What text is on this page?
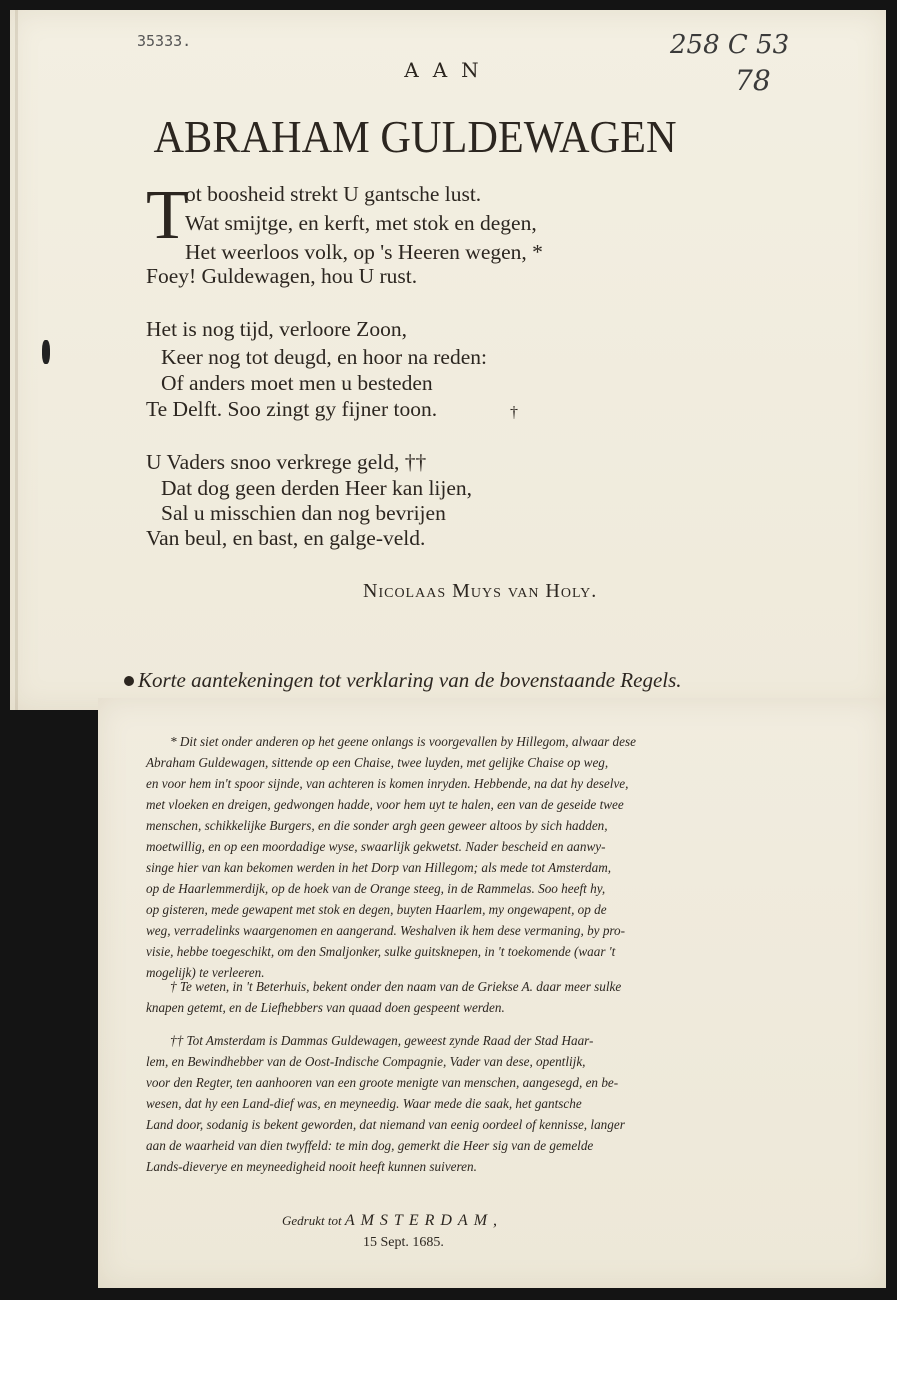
35333.	258 C 53
78
AAN
ABRAHAM GULDEWAGEN
T
ot boosheid strekt U gantsche lust.
Wat smijtge, en kerft, met stok en degen,
Het weerloos volk, op 's Heeren wegen, *
Foey! Guldewagen, hou U rust.
Het is nog tijd, verloore Zoon,
Keer nog tot deugd, en hoor na reden:
Of anders moet men u besteden
Te Delft. Soo zingt gy fijner toon.	†
U Vaders snoo verkrege geld, ††
Dat dog geen derden Heer kan lijen,
Sal u misschien dan nog bevrijen
Van beul, en bast, en galge-veld.
Nicolaas Muys van Holy.
Korte aantekeningen tot verklaring van de bovenstaande Regels.
* Dit siet onder anderen op het geene onlangs is voorgevallen by Hillegom, alwaar dese
Abraham Guldewagen, sittende op een Chaise, twee luyden, met gelijke Chaise op weg,
en voor hem in't spoor sijnde, van achteren is komen inryden. Hebbende, na dat hy deselve,
met vloeken en dreigen, gedwongen hadde, voor hem uyt te halen, een van de geseide twee
menschen, schikkelijke Burgers, en die sonder argh geen geweer altoos by sich hadden,
moetwillig, en op een moordadige wyse, swaarlijk gekwetst. Nader bescheid en aanwy-
singe hier van kan bekomen werden in het Dorp van Hillegom; als mede tot Amsterdam,
op de Haarlemmerdijk, op de hoek van de Orange steeg, in de Rammelas. Soo heeft hy,
op gisteren, mede gewapent met stok en degen, buyten Haarlem, my ongewapent, op de
weg, verradelinks waargenomen en aangerand. Weshalven ik hem dese vermaning, by pro-
visie, hebbe toegeschikt, om den Smaljonker, sulke guitsknepen, in 't toekomende (waar 't
mogelijk) te verleeren.
† Te weten, in 't Beterhuis, bekent onder den naam van de Griekse A. daar meer sulke
knapen getemt, en de Liefhebbers van quaad doen gespeent werden.
†† Tot Amsterdam is Dammas Guldewagen, geweest zynde Raad der Stad Haar-
lem, en Bewindhebber van de Oost-Indische Compagnie, Vader van dese, opentlijk,
voor den Regter, ten aanhooren van een groote menigte van menschen, aangesegd, en be-
wesen, dat hy een Land-dief was, en meyneedig. Waar mede die saak, het gantsche
Land door, sodanig is bekent geworden, dat niemand van eenig oordeel of kennisse, langer
aan de waarheid van dien twyffeld: te min dog, gemerkt die Heer sig van de gemelde
Lands-dieverye en meyneedigheid nooit heeft kunnen suiveren.
Gedrukt tot AMSTERDAM,
15 Sept. 1685.
